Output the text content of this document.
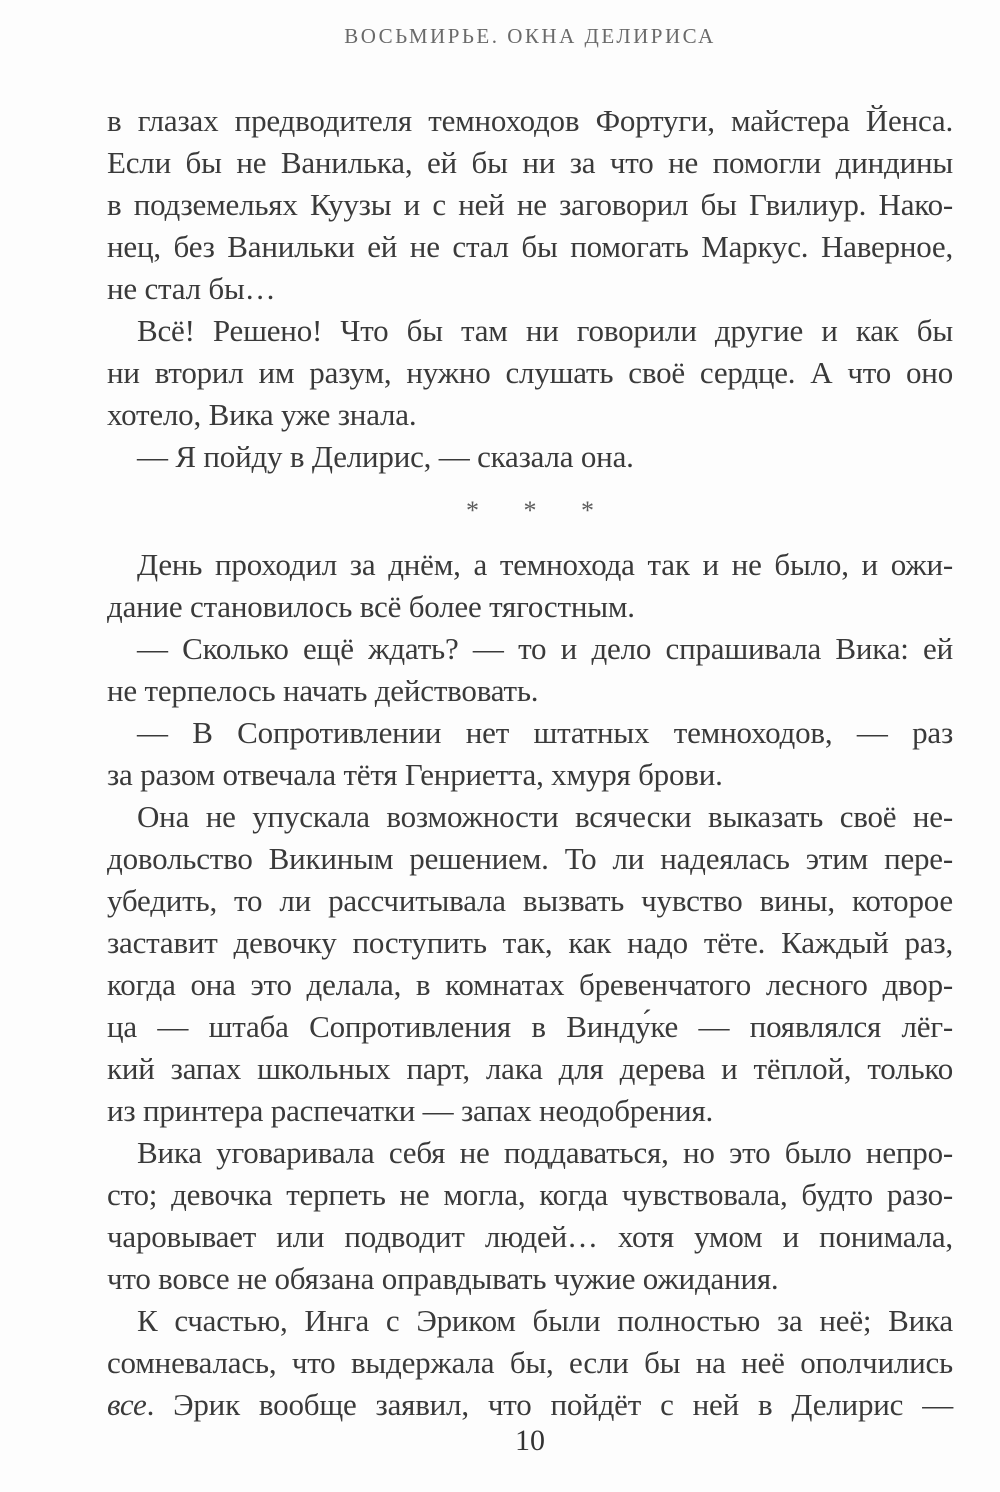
ВОСЬМИРЬЕ. ОКНА ДЕЛИРИСА
в глазах предводителя темноходов Фортуги, майстера Йенса.
Если бы не Ванилька, ей бы ни за что не помогли диндины
в подземельях Куузы и с ней не заговорил бы Гвилиур. Нако-
нец, без Ванильки ей не стал бы помогать Маркус. Наверное,
не стал бы…
Всё! Решено! Что бы там ни говорили другие и как бы
ни вторил им разум, нужно слушать своё сердце. А что оно
хотело, Вика уже знала.
— Я пойду в Делирис, — сказала она.
* * *
День проходил за днём, а темнохода так и не было, и ожи-
дание становилось всё более тягостным.
— Сколько ещё ждать? — то и дело спрашивала Вика: ей
не терпелось начать действовать.
— В Сопротивлении нет штатных темноходов, — раз
за разом отвечала тётя Генриетта, хмуря брови.
Она не упускала возможности всячески выказать своё не-
довольство Викиным решением. То ли надеялась этим пере-
убедить, то ли рассчитывала вызвать чувство вины, которое
заставит девочку поступить так, как надо тёте. Каждый раз,
когда она это делала, в комнатах бревенчатого лесного двор-
ца — штаба Сопротивления в Винду́ке — появлялся лёг-
кий запах школьных парт, лака для дерева и тёплой, только
из принтера распечатки — запах неодобрения.
Вика уговаривала себя не поддаваться, но это было непро-
сто; девочка терпеть не могла, когда чувствовала, будто разо-
чаровывает или подводит людей… хотя умом и понимала,
что вовсе не обязана оправдывать чужие ожидания.
К счастью, Инга с Эриком были полностью за неё; Вика
сомневалась, что выдержала бы, если бы на неё ополчились
все. Эрик вообще заявил, что пойдёт с ней в Делирис —
10
